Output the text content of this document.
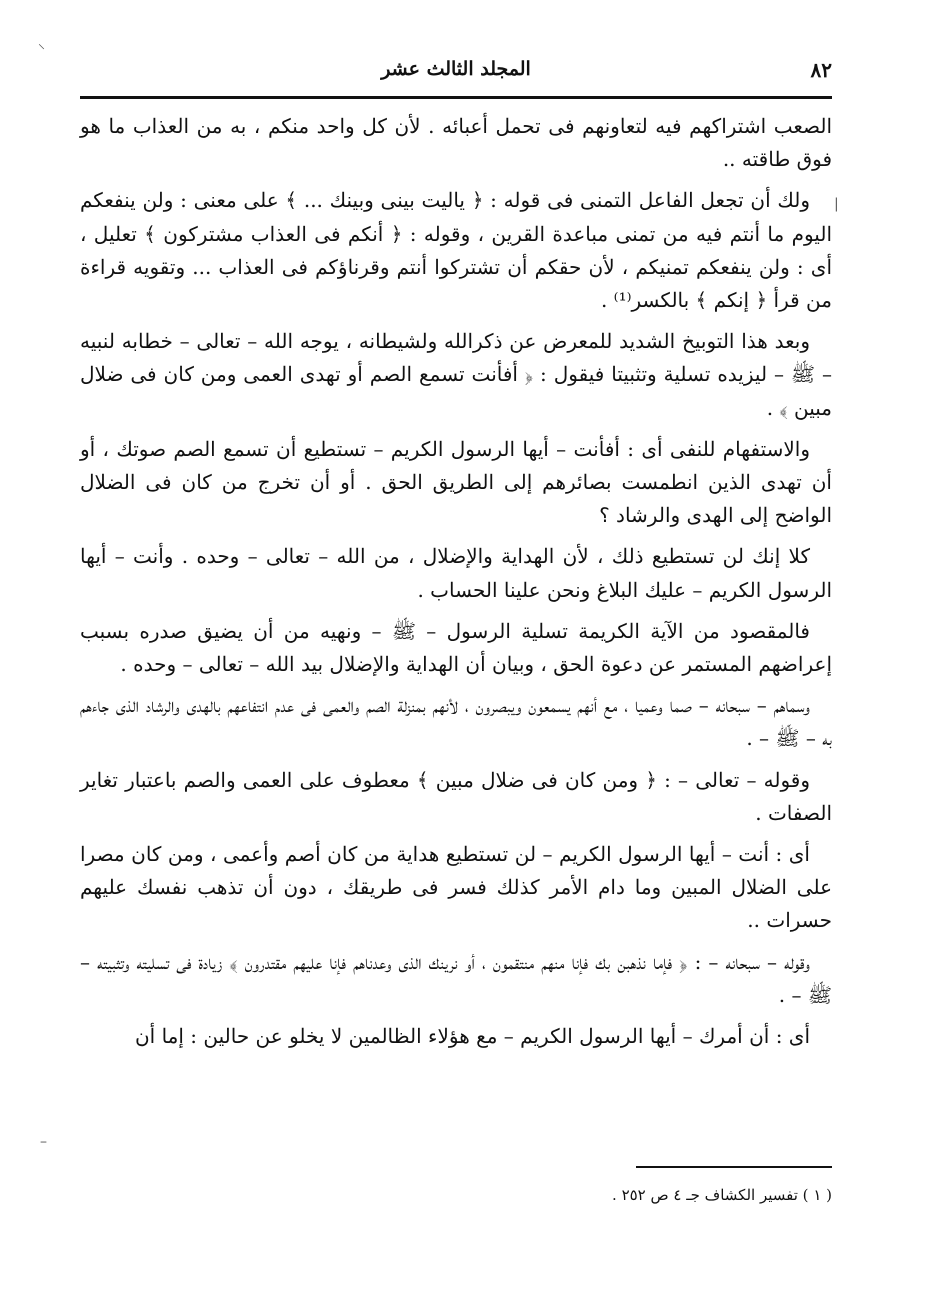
٨٢
المجلد الثالث عشر
⸍
|
–

الصعب اشتراكهم فيه لتعاونهم فى تحمل أعبائه . لأن كل واحد منكم ، به من العذاب ما هو فوق طاقته ..

ولك أن تجعل الفاعل التمنى فى قوله : ﴿ ياليت بينى وبينك ... ﴾ على معنى : ولن ينفعكم اليوم ما أنتم فيه من تمنى مباعدة القرين ، وقوله : ﴿ أنكم فى العذاب مشتركون ﴾ تعليل ، أى : ولن ينفعكم تمنيكم ، لأن حقكم أن تشتركوا أنتم وقرناؤكم فى العذاب ... وتقويه قراءة من قرأ ﴿ إنكم ﴾ بالكسر⁽¹⁾ .

وبعد هذا التوبيخ الشديد للمعرض عن ذكرالله ولشيطانه ، يوجه الله – تعالى – خطابه لنبيه – ﷺ – ليزيده تسلية وتثبيتا فيقول : ﴿ أفأنت تسمع الصم أو تهدى العمى ومن كان فى ضلال مبين ﴾ .

والاستفهام للنفى أى : أفأنت – أيها الرسول الكريم – تستطيع أن تسمع الصم صوتك ، أو أن تهدى الذين انطمست بصائرهم إلى الطريق الحق . أو أن تخرج من كان فى الضلال الواضح إلى الهدى والرشاد ؟

كلا إنك لن تستطيع ذلك ، لأن الهداية والإضلال ، من الله – تعالى – وحده . وأنت – أيها الرسول الكريم – عليك البلاغ ونحن علينا الحساب .

فالمقصود من الآية الكريمة تسلية الرسول – ﷺ – ونهيه من أن يضيق صدره بسبب إعراضهم المستمر عن دعوة الحق ، وبيان أن الهداية والإضلال بيد الله – تعالى – وحده .

وسماهم – سبحانه – صما وعميا ، مع أنهم يسمعون ويبصرون ، لأنهم بمنزلة الصم والعمى فى عدم انتفاعهم بالهدى والرشاد الذى جاءهم به – ﷺ – .

وقوله – تعالى – : ﴿ ومن كان فى ضلال مبين ﴾ معطوف على العمى والصم باعتبار تغاير الصفات .

أى : أنت – أيها الرسول الكريم – لن تستطيع هداية من كان أصم وأعمى ، ومن كان مصرا على الضلال المبين وما دام الأمر كذلك فسر فى طريقك ، دون أن تذهب نفسك عليهم حسرات ..

وقوله – سبحانه – : ﴿ فإما نذهبن بك فإنا منهم منتقمون ، أو نرينك الذى وعدناهم فإنا عليهم مقتدرون ﴾ زيادة فى تسليته وتثبيته – ﷺ – .

أى : أن أمرك – أيها الرسول الكريم – مع هؤلاء الظالمين لا يخلو عن حالين : إما أن

( ١ ) تفسير الكشاف جـ ٤ ص ٢٥٢ .
